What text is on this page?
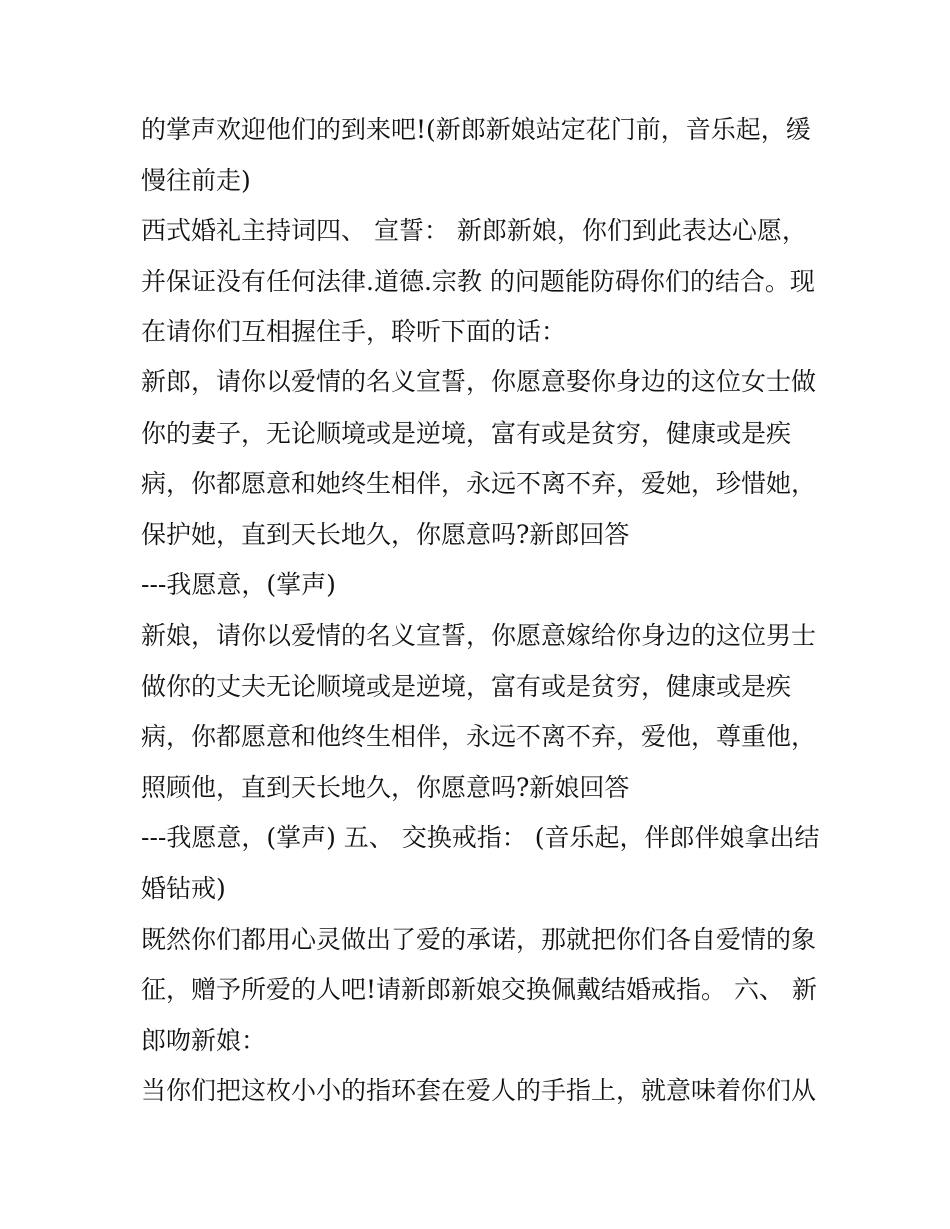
的掌声欢迎他们的到来吧!(新郎新娘站定花门前，音乐起，缓
慢往前走)
西式婚礼主持词四、 宣誓： 新郎新娘，你们到此表达心愿，
并保证没有任何法律.道德.宗教 的问题能防碍你们的结合。现
在请你们互相握住手，聆听下面的话：
新郎，请你以爱情的名义宣誓，你愿意娶你身边的这位女士做
你的妻子，无论顺境或是逆境，富有或是贫穷，健康或是疾
病，你都愿意和她终生相伴，永远不离不弃，爱她，珍惜她，
保护她，直到天长地久，你愿意吗?新郎回答
---我愿意，(掌声)
新娘，请你以爱情的名义宣誓，你愿意嫁给你身边的这位男士
做你的丈夫无论顺境或是逆境，富有或是贫穷，健康或是疾
病，你都愿意和他终生相伴，永远不离不弃，爱他，尊重他，
照顾他，直到天长地久，你愿意吗?新娘回答
---我愿意，(掌声) 五、 交换戒指： (音乐起，伴郎伴娘拿出结
婚钻戒)
既然你们都用心灵做出了爱的承诺，那就把你们各自爱情的象
征，赠予所爱的人吧!请新郎新娘交换佩戴结婚戒指。 六、 新
郎吻新娘：
当你们把这枚小小的指环套在爱人的手指上，就意味着你们从
